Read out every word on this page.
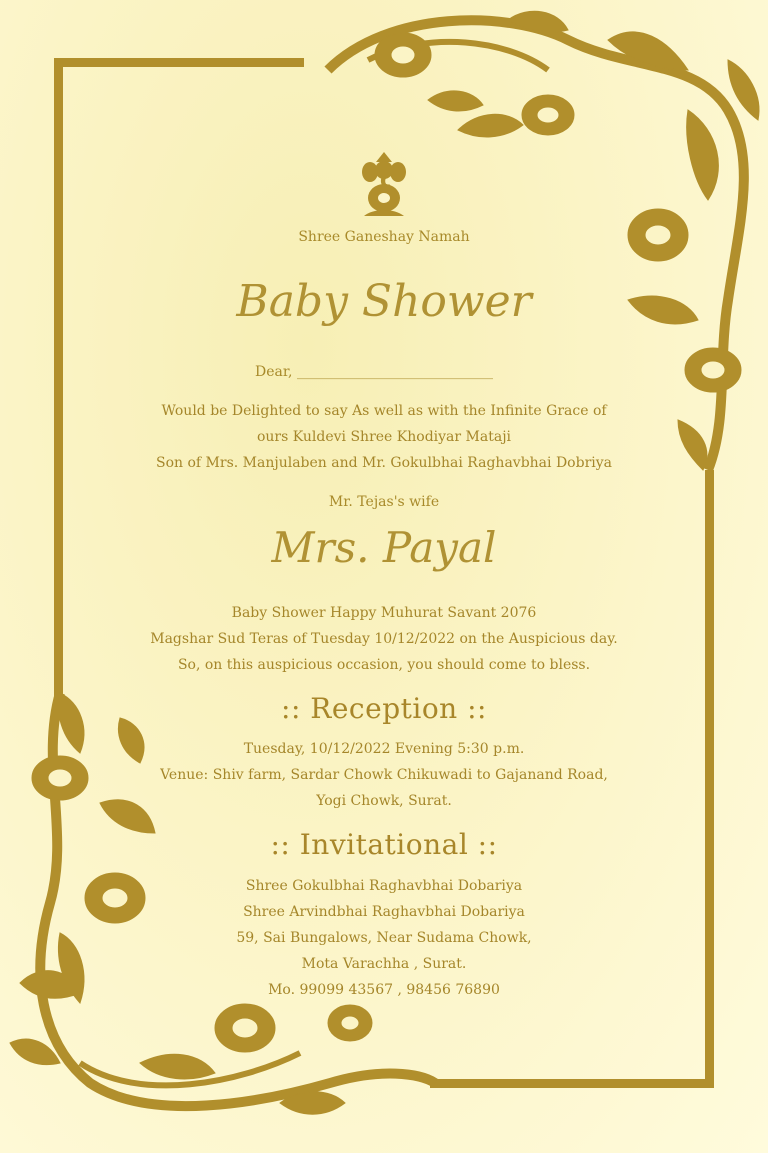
Shree Ganeshay Namah
Baby Shower
Dear, ____________________________
Would be Delighted to say As well as with the Infinite Grace of
ours Kuldevi Shree Khodiyar Mataji
Son of Mrs. Manjulaben and Mr. Gokulbhai Raghavbhai Dobriya
Mr. Tejas's wife
Mrs. Payal
Baby Shower Happy Muhurat Savant 2076
Magshar Sud Teras of Tuesday 10/12/2022 on the Auspicious day.
So, on this auspicious occasion, you should come to bless.
:: Reception ::
Tuesday, 10/12/2022 Evening 5:30 p.m.
Venue: Shiv farm, Sardar Chowk Chikuwadi to Gajanand Road,
Yogi Chowk, Surat.
:: Invitational ::
Shree Gokulbhai Raghavbhai Dobariya
Shree Arvindbhai Raghavbhai Dobariya
59, Sai Bungalows, Near Sudama Chowk,
Mota Varachha , Surat.
Mo. 99099 43567 , 98456 76890
